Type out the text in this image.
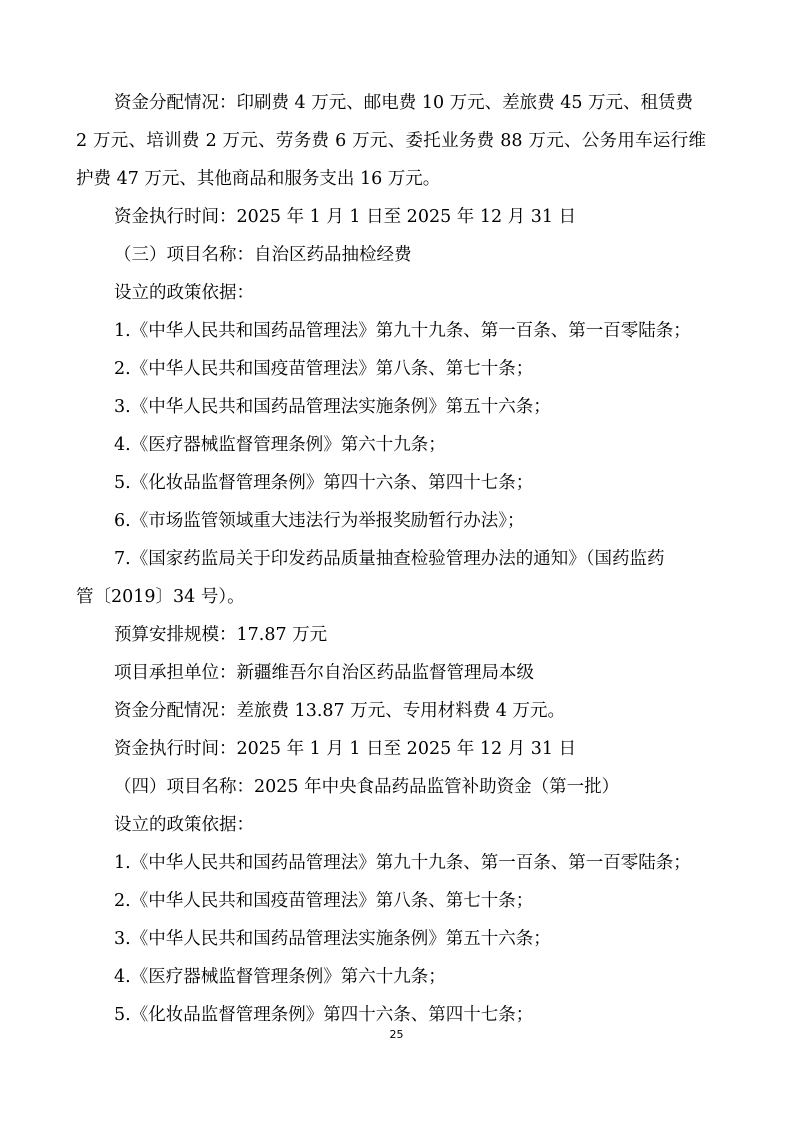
资金分配情况：印刷费 4 万元、邮电费 10 万元、差旅费 45 万元、租赁费
2 万元、培训费 2 万元、劳务费 6 万元、委托业务费 88 万元、公务用车运行维
护费 47 万元、其他商品和服务支出 16 万元。
资金执行时间：2025 年 1 月 1 日至 2025 年 12 月 31 日
（三）项目名称：自治区药品抽检经费
设立的政策依据：
1.《中华人民共和国药品管理法》第九十九条、第一百条、第一百零陆条；
2.《中华人民共和国疫苗管理法》第八条、第七十条；
3.《中华人民共和国药品管理法实施条例》第五十六条；
4.《医疗器械监督管理条例》第六十九条；
5.《化妆品监督管理条例》第四十六条、第四十七条；
6.《市场监管领域重大违法行为举报奖励暂行办法》；
7.《国家药监局关于印发药品质量抽查检验管理办法的通知》（国药监药
管〔2019〕34 号）。
预算安排规模：17.87 万元
项目承担单位：新疆维吾尔自治区药品监督管理局本级
资金分配情况：差旅费 13.87 万元、专用材料费 4 万元。
资金执行时间：2025 年 1 月 1 日至 2025 年 12 月 31 日
（四）项目名称：2025 年中央食品药品监管补助资金（第一批）
设立的政策依据：
1.《中华人民共和国药品管理法》第九十九条、第一百条、第一百零陆条；
2.《中华人民共和国疫苗管理法》第八条、第七十条；
3.《中华人民共和国药品管理法实施条例》第五十六条；
4.《医疗器械监督管理条例》第六十九条；
5.《化妆品监督管理条例》第四十六条、第四十七条；
25
